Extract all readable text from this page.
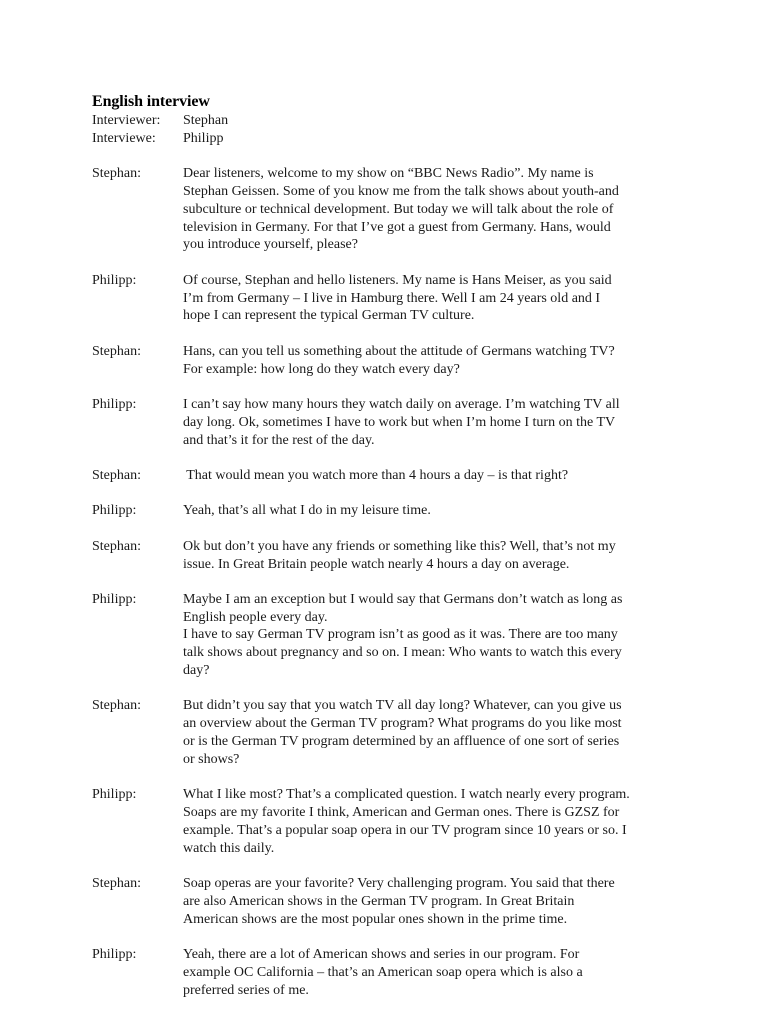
English interview
Interviewer:	Stephan
Interviewe:	Philipp
Stephan:	Dear listeners, welcome to my show on “BBC News Radio”. My name is
Stephan Geissen. Some of you know me from the talk shows about youth-and
subculture or technical development. But today we will talk about the role of
television in Germany. For that I’ve got a guest from Germany. Hans, would
you introduce yourself, please?
Philipp:	Of course, Stephan and hello listeners. My name is Hans Meiser, as you said
I’m from Germany – I live in Hamburg there. Well I am 24 years old and I
hope I can represent the typical German TV culture.
Stephan:	Hans, can you tell us something about the attitude of Germans watching TV?
For example: how long do they watch every day?
Philipp:	I can’t say how many hours they watch daily on average. I’m watching TV all
day long. Ok, sometimes I have to work but when I’m home I turn on the TV
and that’s it for the rest of the day.
Stephan:	That would mean you watch more than 4 hours a day – is that right?
Philipp:	Yeah, that’s all what I do in my leisure time.
Stephan:	Ok but don’t you have any friends or something like this? Well, that’s not my
issue. In Great Britain people watch nearly 4 hours a day on average.
Philipp:	Maybe I am an exception but I would say that Germans don’t watch as long as
English people every day.
I have to say German TV program isn’t as good as it was. There are too many
talk shows about pregnancy and so on. I mean: Who wants to watch this every
day?
Stephan:	But didn’t you say that you watch TV all day long? Whatever, can you give us
an overview about the German TV program? What programs do you like most
or is the German TV program determined by an affluence of one sort of series
or shows?
Philipp:	What I like most? That’s a complicated question. I watch nearly every program.
Soaps are my favorite I think, American and German ones. There is GZSZ for
example. That’s a popular soap opera in our TV program since 10 years or so. I
watch this daily.
Stephan:	Soap operas are your favorite? Very challenging program. You said that there
are also American shows in the German TV program. In Great Britain
American shows are the most popular ones shown in the prime time.
Philipp:	Yeah, there are a lot of American shows and series in our program. For
example OC California – that’s an American soap opera which is also a
preferred series of me.
